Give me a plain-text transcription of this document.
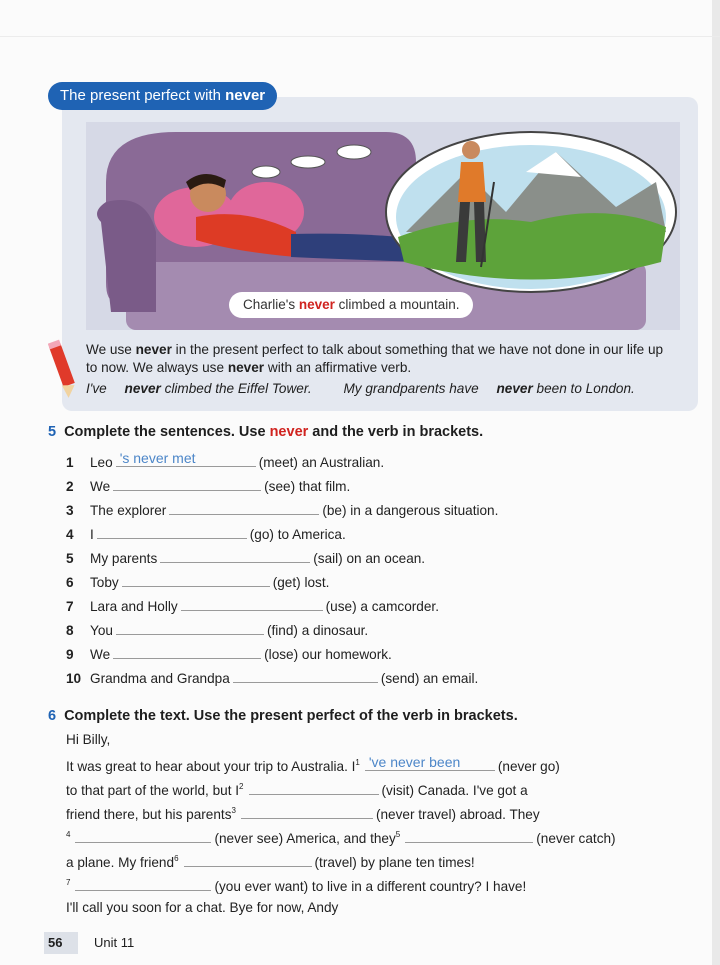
The present perfect with never
Charlie's never climbed a mountain.
We use never in the present perfect to talk about something that we have not done in our life up to now. We always use never with an affirmative verb.
I've never climbed the Eiffel Tower. My grandparents have never been to London.
5 Complete the sentences. Use never and the verb in brackets.
1 Leo 's never met	(meet) an Australian.
2 We	(see) that film.
3 The explorer	(be) in a dangerous situation.
4 I	(go) to America.
5 My parents	(sail) on an ocean.
6 Toby	(get) lost.
7 Lara and Holly	(use) a camcorder.
8 You	(find) a dinosaur.
9 We	(lose) our homework.
10 Grandma and Grandpa	(send) an email.
6 Complete the text. Use the present perfect of the verb in brackets.
Hi Billy,
It was great to hear about your trip to Australia. $I^1$ 've never been	(never go)
to that part of the world, but $I^2$	(visit) Canada. I've got a
friend there, but his parents$^3$	(never travel) abroad. They
$^4$	(never see) America, and they$^5$	(never catch)
a plane. My friend$^6$	(travel) by plane ten times!
$^7$	(you ever want) to live in a different country? I have!
I'll call you soon for a chat. Bye for now, Andy
56 Unit 11
